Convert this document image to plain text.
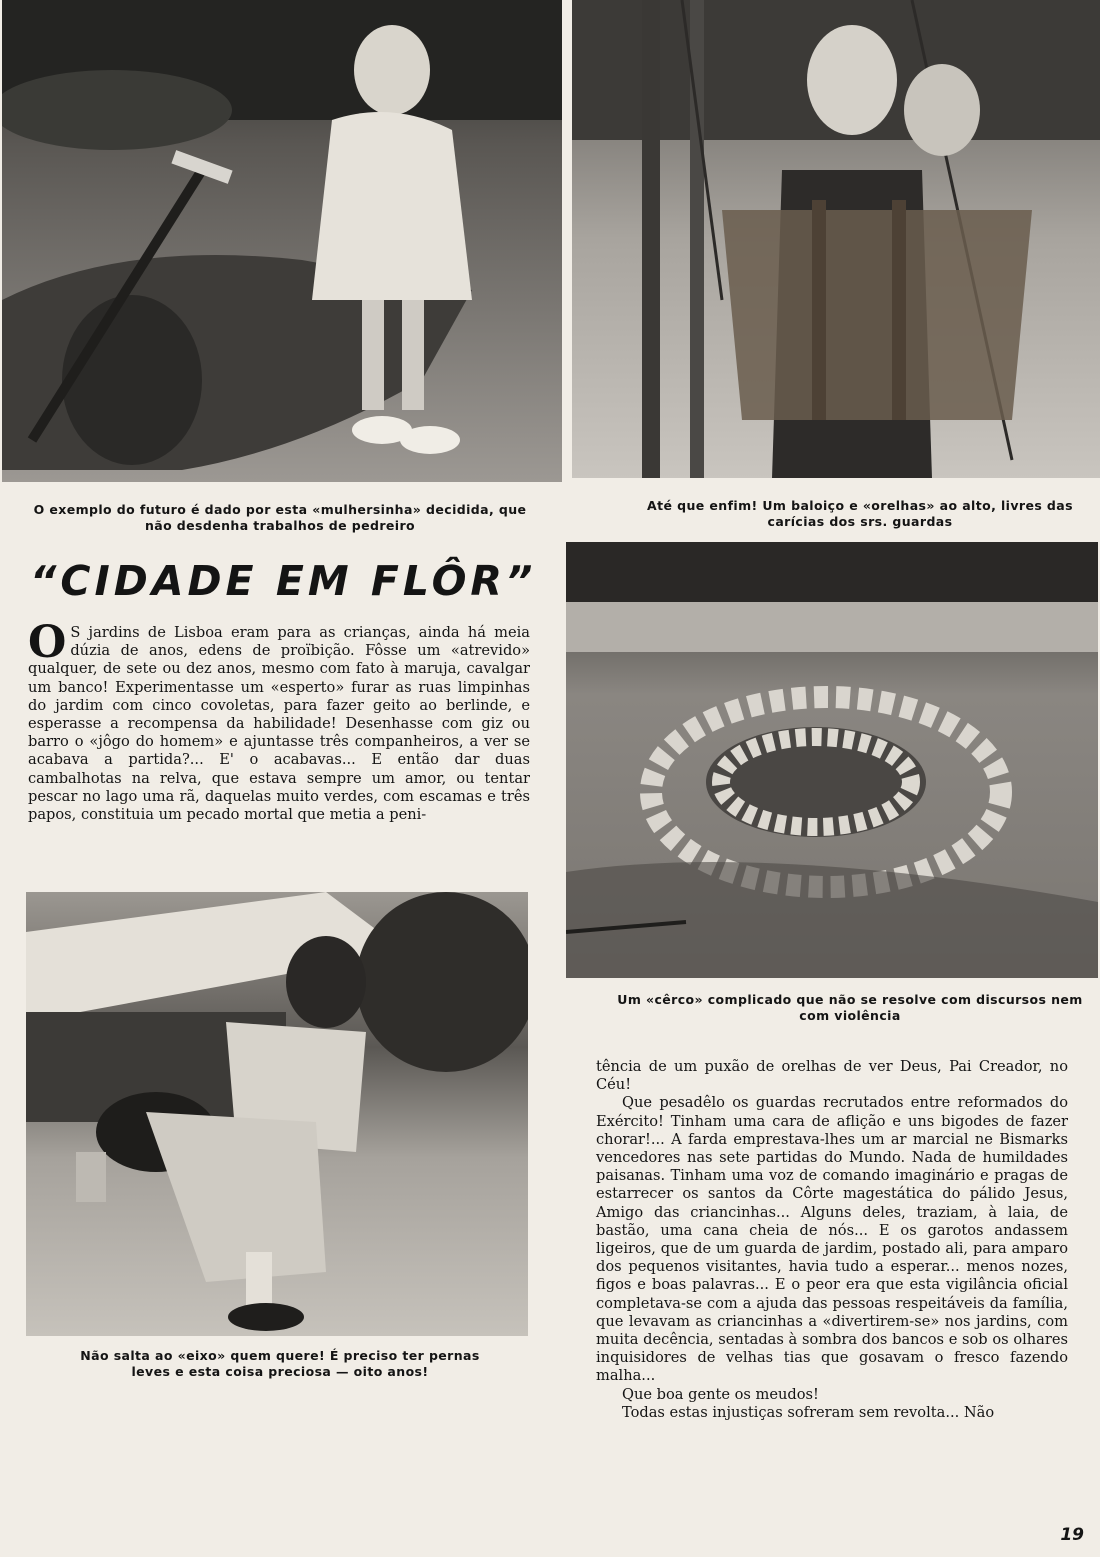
O exemplo do futuro é dado por esta «mulhersinha» decidida, que não desdenha trabalhos de pedreiro
Até que enfim! Um baloiço e «orelhas» ao alto, livres das carícias dos srs. guardas
“CIDADE EM FLÔR”
Um «cêrco» complicado que não se resolve com discursos nem com violência
O S jardins de Lisboa eram para as crianças, ainda há meia dúzia de anos, edens de proïbição. Fôsse um «atrevido» qualquer, de sete ou dez anos, mesmo com fato à maruja, cavalgar um banco! Experimentasse um «esperto» furar as ruas limpinhas do jardim com cinco covoletas, para fazer geito ao berlinde, e esperasse a recompensa da habilidade! Desenhasse com giz ou barro o «jôgo do homem» e ajuntasse três companheiros, a ver se acabava a partida?... E' o acabavas... E então dar duas cambalhotas na relva, que estava sempre um amor, ou tentar pescar no lago uma rã, daquelas muito verdes, com escamas e três papos, constituia um pecado mortal que metia a peni-

Não salta ao «eixo» quem quere! É preciso ter pernas leves e esta coisa preciosa — oito anos!

tência de um puxão de orelhas de ver Deus, Pai Creador, no Céu!

Que pesadêlo os guardas recrutados entre reformados do Exército! Tinham uma cara de aflição e uns bigodes de fazer chorar!... A farda emprestava-lhes um ar marcial ne Bismarks vencedores nas sete partidas do Mundo. Nada de humildades paisanas. Tinham uma voz de comando imaginário e pragas de estarrecer os santos da Côrte magestática do pálido Jesus, Amigo das criancinhas... Alguns deles, traziam, à laia, de bastão, uma cana cheia de nós... E os garotos andassem ligeiros, que de um guarda de jardim, postado ali, para amparo dos pequenos visitantes, havia tudo a esperar... menos nozes, figos e boas palavras... E o peor era que esta vigilância oficial completava-se com a ajuda das pessoas respeitáveis da família, que levavam as criancinhas a «divertirem-se» nos jardins, com muita decência, sentadas à sombra dos bancos e sob os olhares inquisidores de velhas tias que gosavam o fresco fazendo malha...

Que boa gente os meudos!

Todas estas injustiças sofreram sem revolta... Não

19
